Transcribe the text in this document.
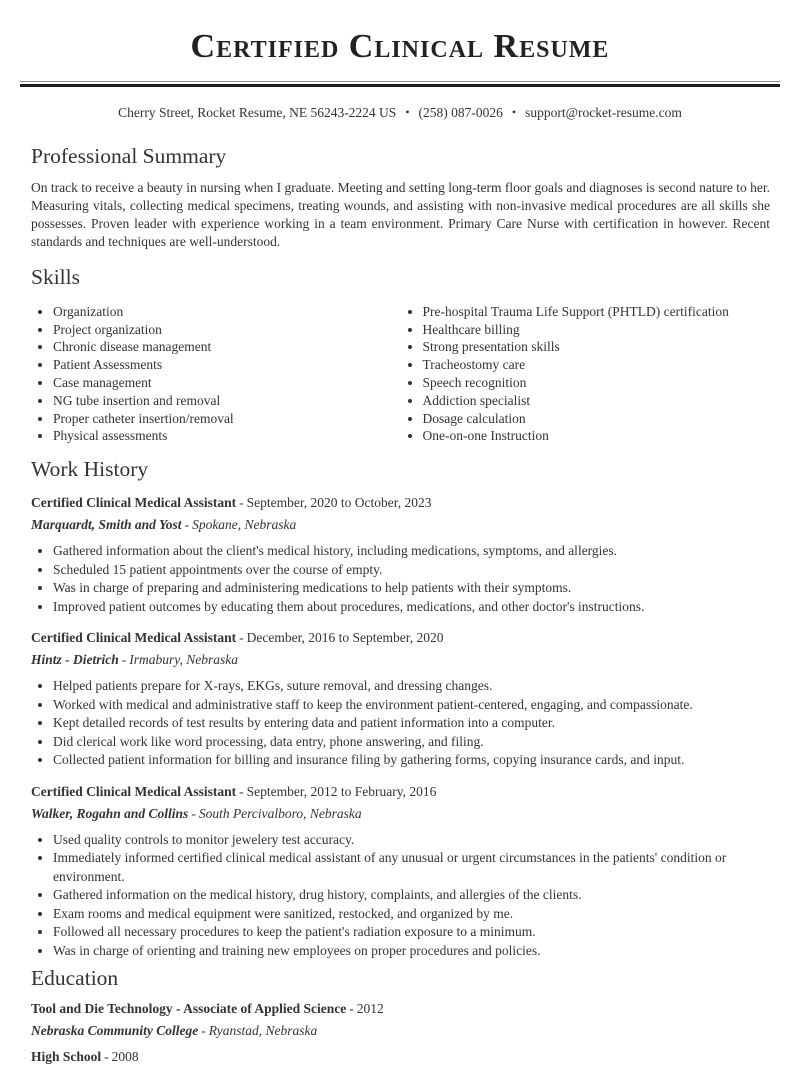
Certified Clinical Resume
Cherry Street, Rocket Resume, NE 56243-2224 US • (258) 087-0026 • support@rocket-resume.com
Professional Summary

On track to receive a beauty in nursing when I graduate. Meeting and setting long-term floor goals and diagnoses is second nature to her. Measuring vitals, collecting medical specimens, treating wounds, and assisting with non-invasive medical procedures are all skills she possesses. Proven leader with experience working in a team environment. Primary Care Nurse with certification in however. Recent standards and techniques are well-understood.

Skills
• Organization
• Project organization
• Chronic disease management
• Patient Assessments
• Case management
• NG tube insertion and removal
• Proper catheter insertion/removal
• Physical assessments
• Pre-hospital Trauma Life Support (PHTLD) certification
• Healthcare billing
• Strong presentation skills
• Tracheostomy care
• Speech recognition
• Addiction specialist
• Dosage calculation
• One-on-one Instruction
Work History
Certified Clinical Medical Assistant - September, 2020 to October, 2023
Marquardt, Smith and Yost - Spokane, Nebraska
• Gathered information about the client's medical history, including medications, symptoms, and allergies.
• Scheduled 15 patient appointments over the course of empty.
• Was in charge of preparing and administering medications to help patients with their symptoms.
• Improved patient outcomes by educating them about procedures, medications, and other doctor's instructions.
Certified Clinical Medical Assistant - December, 2016 to September, 2020
Hintz - Dietrich - Irmabury, Nebraska
• Helped patients prepare for X-rays, EKGs, suture removal, and dressing changes.
• Worked with medical and administrative staff to keep the environment patient-centered, engaging, and compassionate.
• Kept detailed records of test results by entering data and patient information into a computer.
• Did clerical work like word processing, data entry, phone answering, and filing.
• Collected patient information for billing and insurance filing by gathering forms, copying insurance cards, and input.
Certified Clinical Medical Assistant - September, 2012 to February, 2016
Walker, Rogahn and Collins - South Percivalboro, Nebraska
• Used quality controls to monitor jewelery test accuracy.
• Immediately informed certified clinical medical assistant of any unusual or urgent circumstances in the patients' condition or environment.
• Gathered information on the medical history, drug history, complaints, and allergies of the clients.
• Exam rooms and medical equipment were sanitized, restocked, and organized by me.
• Followed all necessary procedures to keep the patient's radiation exposure to a minimum.
• Was in charge of orienting and training new employees on proper procedures and policies.
Education
Tool and Die Technology - Associate of Applied Science - 2012
Nebraska Community College - Ryanstad, Nebraska
High School - 2008
